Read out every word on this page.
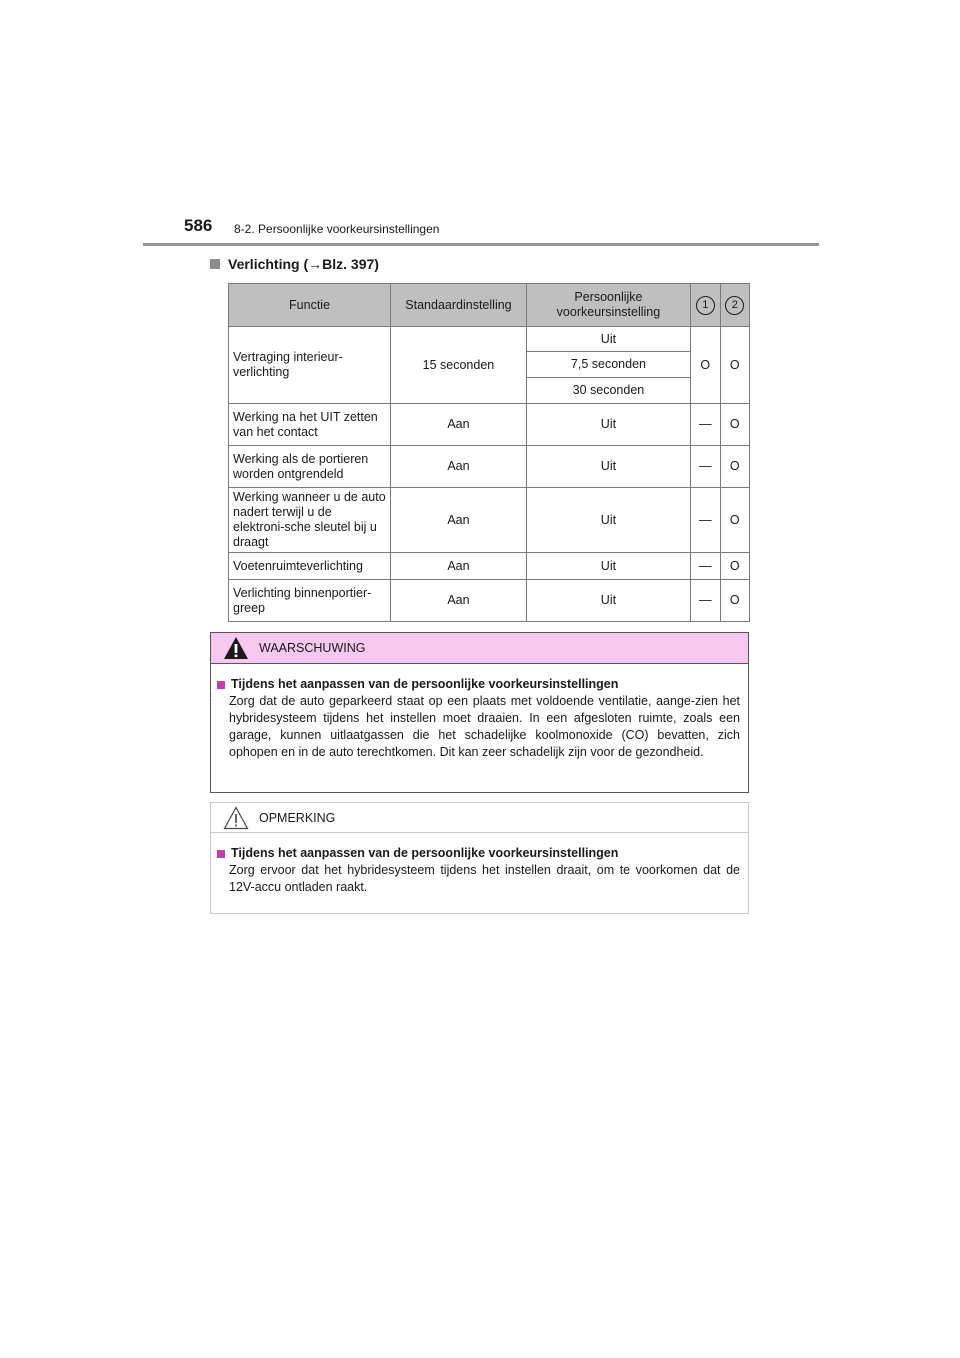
586 8-2. Persoonlijke voorkeursinstellingen
Verlichting (→Blz. 397)
Functie	Standaardinstelling	Persoonlijke voorkeursinstelling	1	2
Vertraging interieur-verlichting	15 seconden	Uit	O	O
		7,5 seconden		
		30 seconden		
Werking na het UIT zetten van het contact	Aan	Uit	—	O
Werking als de portieren worden ontgrendeld	Aan	Uit	—	O
Werking wanneer u de auto nadert terwijl u de elektroni-sche sleutel bij u draagt	Aan	Uit	—	O
Voetenruimteverlichting	Aan	Uit	—	O
Verlichting binnenportier-greep	Aan	Uit	—	O
WAARSCHUWING
Tijdens het aanpassen van de persoonlijke voorkeursinstellingen
Zorg dat de auto geparkeerd staat op een plaats met voldoende ventilatie, aange-zien het hybridesysteem tijdens het instellen moet draaien. In een afgesloten ruimte, zoals een garage, kunnen uitlaatgassen die het schadelijke koolmonoxide (CO) bevatten, zich ophopen en in de auto terechtkomen. Dit kan zeer schadelijk zijn voor de gezondheid.
OPMERKING
Tijdens het aanpassen van de persoonlijke voorkeursinstellingen
Zorg ervoor dat het hybridesysteem tijdens het instellen draait, om te voorkomen dat de 12V-accu ontladen raakt.
